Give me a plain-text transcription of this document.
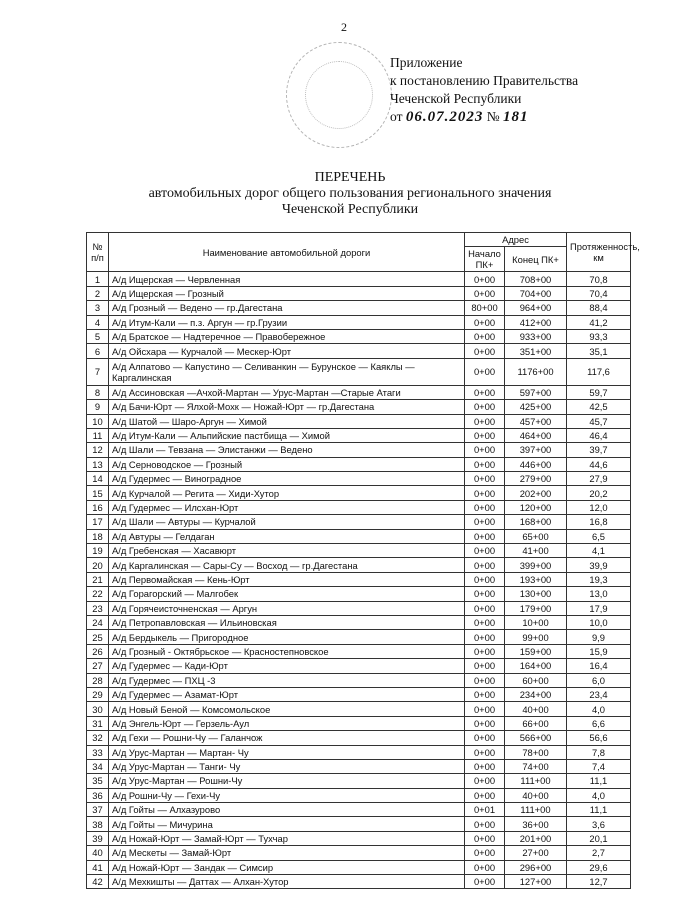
2
Приложение
к постановлению Правительства
Чеченской Республики
от 06.07.2023 № 181
ПЕРЕЧЕНЬ
автомобильных дорог общего пользования регионального значения
Чеченской Республики
№ п/п	Наименование автомобильной дороги	Адрес		Протяженность, км
		Начало ПК+	Конец ПК+	
1	А/д Ищерская — Червленная	0+00	708+00	70,8
2	А/д Ищерская — Грозный	0+00	704+00	70,4
3	А/д Грозный — Ведено — гр.Дагестана	80+00	964+00	88,4
4	А/д Итум-Кали — п.з. Аргун — гр.Грузии	0+00	412+00	41,2
5	А/д Братское — Надтеречное — Правобережное	0+00	933+00	93,3
6	А/д Ойсхара — Курчалой — Мескер-Юрт	0+00	351+00	35,1
7	А/д Алпатово — Капустино — Селиванкин — Бурунское — Каяклы — Каргалинская	0+00	1176+00	117,6
8	А/д Ассиновская —Ачхой-Мартан — Урус-Мартан —Старые Атаги	0+00	597+00	59,7
9	А/д Бачи-Юрт — Ялхой-Мохк — Ножай-Юрт — гр.Дагестана	0+00	425+00	42,5
10	А/д Шатой — Шаро-Аргун — Химой	0+00	457+00	45,7
11	А/д Итум-Кали — Альпийские пастбища — Химой	0+00	464+00	46,4
12	А/д Шали — Тевзана — Элистанжи — Ведено	0+00	397+00	39,7
13	А/д Серноводское — Грозный	0+00	446+00	44,6
14	А/д Гудермес — Виноградное	0+00	279+00	27,9
15	А/д Курчалой — Регита — Хиди-Хутор	0+00	202+00	20,2
16	А/д Гудермес — Илсхан-Юрт	0+00	120+00	12,0
17	А/д Шали — Автуры — Курчалой	0+00	168+00	16,8
18	А/д Автуры — Гелдаган	0+00	65+00	6,5
19	А/д Гребенская — Хасавюрт	0+00	41+00	4,1
20	А/д Каргалинская — Сары-Су — Восход — гр.Дагестана	0+00	399+00	39,9
21	А/д Первомайская — Кень-Юрт	0+00	193+00	19,3
22	А/д Горагорский — Малгобек	0+00	130+00	13,0
23	А/д Горячеисточненская — Аргун	0+00	179+00	17,9
24	А/д Петропавловская — Ильиновская	0+00	10+00	10,0
25	А/д Бердыкель — Пригородное	0+00	99+00	9,9
26	А/д Грозный - Октябрьское — Красностепновское	0+00	159+00	15,9
27	А/д Гудермес — Кади-Юрт	0+00	164+00	16,4
28	А/д Гудермес — ПХЦ -3	0+00	60+00	6,0
29	А/д Гудермес — Азамат-Юрт	0+00	234+00	23,4
30	А/д Новый Беной — Комсомольское	0+00	40+00	4,0
31	А/д Энгель-Юрт — Герзель-Аул	0+00	66+00	6,6
32	А/д Гехи — Рошни-Чу — Галанчож	0+00	566+00	56,6
33	А/д Урус-Мартан — Мартан- Чу	0+00	78+00	7,8
34	А/д Урус-Мартан — Танги- Чу	0+00	74+00	7,4
35	А/д Урус-Мартан — Рошни-Чу	0+00	111+00	11,1
36	А/д Рошни-Чу — Гехи-Чу	0+00	40+00	4,0
37	А/д Гойты — Алхазурово	0+01	111+00	11,1
38	А/д Гойты — Мичурина	0+00	36+00	3,6
39	А/д Ножай-Юрт — Замай-Юрт — Тухчар	0+00	201+00	20,1
40	А/д Мескеты — Замай-Юрт	0+00	27+00	2,7
41	А/д Ножай-Юрт — Зандак — Симсир	0+00	296+00	29,6
42	А/д Мехкишты — Даттах — Алхан-Хутор	0+00	127+00	12,7
